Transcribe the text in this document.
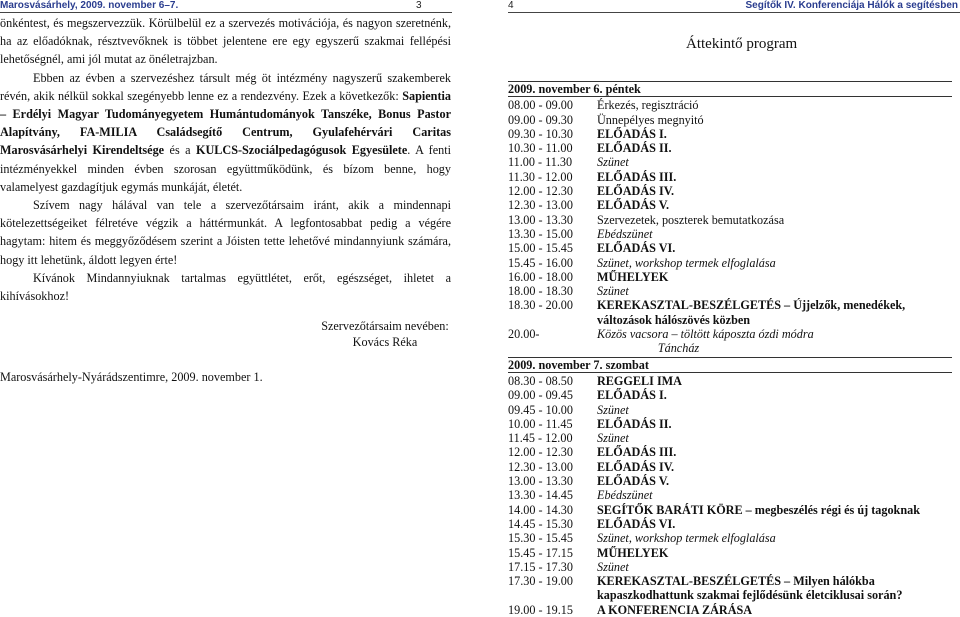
Marosvásárhely, 2009. november 6–7.	3	4	Segítők IV. Konferenciája Hálók a segítésben

önkéntest, és megszervezzük. Körülbelül ez a szervezés motivációja, és nagyon szeretnénk, ha az előadóknak, résztvevőknek is többet jelentene ere egy egyszerű szakmai fellépési lehetőségnél, ami jól mutat az önéletrajzban.

Ebben az évben a szervezéshez társult még öt intézmény nagyszerű szakemberek révén, akik nélkül sokkal szegényebb lenne ez a rendezvény. Ezek a következők: Sapientia – Erdélyi Magyar Tudományegyetem Humántudományok Tanszéke, Bonus Pastor Alapítvány, FA-MILIA Családsegítő Centrum, Gyulafehérvári Caritas Marosvásárhelyi Kirendeltsége és a KULCS-Szociálpedagógusok Egyesülete. A fenti intézményekkel minden évben szorosan együttműködünk, és bízom benne, hogy valamelyest gazdagítjuk egymás munkáját, életét.

Szívem nagy hálával van tele a szervezőtársaim iránt, akik a mindennapi kötelezettségeiket félretéve végzik a háttérmunkát. A legfontosabbat pedig a végére hagytam: hitem és meggyőződésem szerint a Jóisten tette lehetővé mindannyiunk számára, hogy itt lehetünk, áldott legyen érte!

Kívánok Mindannyiuknak tartalmas együttlétet, erőt, egészséget, ihletet a kihívásokhoz!

Szervezőtársaim nevében:
Kovács Réka
Marosvásárhely-Nyárádszentimre, 2009. november 1.
Áttekintő program
2009. november 6. péntek
08.00 - 09.00	Érkezés, regisztráció
09.00 - 09.30	Ünnepélyes megnyitó
09.30 - 10.30	ELŐADÁS I.
10.30 - 11.00	ELŐADÁS II.
11.00 - 11.30	Szünet
11.30 - 12.00	ELŐADÁS III.
12.00 - 12.30	ELŐADÁS IV.
12.30 - 13.00	ELŐADÁS V.
13.00 - 13.30	Szervezetek, poszterek bemutatkozása
13.30 - 15.00	Ebédszünet
15.00 - 15.45	ELŐADÁS VI.
15.45 - 16.00	Szünet, workshop termek elfoglalása
16.00 - 18.00	MŰHELYEK
18.00 - 18.30	Szünet
18.30 - 20.00	KEREKASZTAL-BESZÉLGETÉS – Újjelzők, menedékek,
változások hálószövés közben
20.00-	Közös vacsora – töltött káposzta ózdi módra
Táncház
2009. november 7. szombat
08.30 - 08.50	REGGELI IMA
09.00 - 09.45	ELŐADÁS I.
09.45 - 10.00	Szünet
10.00 - 11.45	ELŐADÁS II.
11.45 - 12.00	Szünet
12.00 - 12.30	ELŐADÁS III.
12.30 - 13.00	ELŐADÁS IV.
13.00 - 13.30	ELŐADÁS V.
13.30 - 14.45	Ebédszünet
14.00 - 14.30	SEGÍTŐK BARÁTI KÖRE – megbeszélés régi és új tagoknak
14.45 - 15.30	ELŐADÁS VI.
15.30 - 15.45	Szünet, workshop termek elfoglalása
15.45 - 17.15	MŰHELYEK
17.15 - 17.30	Szünet
17.30 - 19.00	KEREKASZTAL-BESZÉLGETÉS – Milyen hálókba
kapaszkodhattunk szakmai fejlődésünk életciklusai során?
19.00 - 19.15	A KONFERENCIA ZÁRÁSA
